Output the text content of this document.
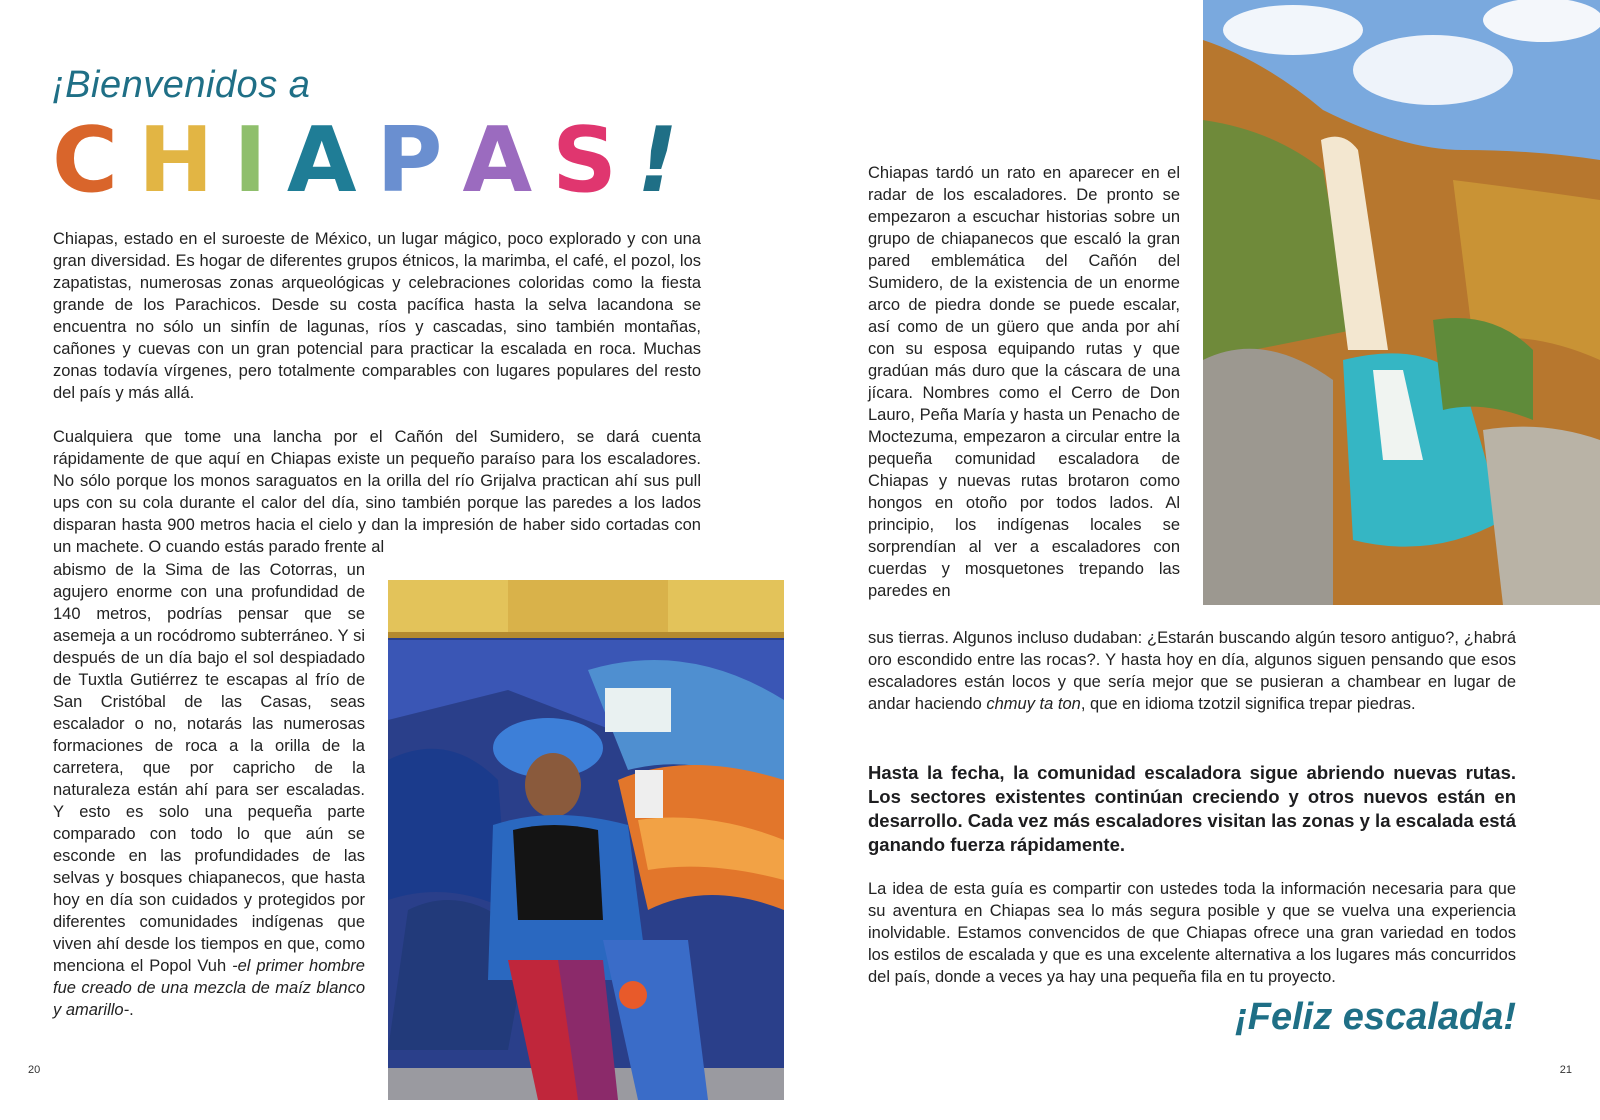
¡Bienvenidos a
CHIAPAS!

Chiapas, estado en el suroeste de México, un lugar mágico, poco explorado y con una gran diversidad. Es hogar de diferentes grupos étnicos, la marimba, el café, el pozol, los zapatistas, numerosas zonas arqueológicas y celebraciones coloridas como la fiesta grande de los Parachicos. Desde su costa pacífica hasta la selva lacandona se encuentra no sólo un sinfín de lagunas, ríos y cascadas, sino también montañas, cañones y cuevas con un gran potencial para practicar la escalada en roca. Muchas zonas todavía vírgenes, pero totalmente comparables con lugares populares del resto del país y más allá.

Cualquiera que tome una lancha por el Cañón del Sumidero, se dará cuenta rápidamente de que aquí en Chiapas existe un pequeño paraíso para los escaladores. No sólo porque los monos saraguatos en la orilla del río Grijalva practican ahí sus pull ups con su cola durante el calor del día, sino también porque las paredes a los lados disparan hasta 900 metros hacia el cielo y dan la impresión de haber sido cortadas con un machete. O cuando estás parado frente al

abismo de la Sima de las Cotorras, un agujero enorme con una profundidad de 140 metros, podrías pensar que se asemeja a un rocódromo subterráneo. Y si después de un día bajo el sol despiadado de Tuxtla Gutiérrez te escapas al frío de San Cristóbal de las Casas, seas escalador o no, notarás las numerosas formaciones de roca a la orilla de la carretera, que por capricho de la naturaleza están ahí para ser escaladas. Y esto es solo una pequeña parte comparado con todo lo que aún se esconde en las profundidades de las selvas y bosques chiapanecos, que hasta hoy en día son cuidados y protegidos por diferentes comunidades indígenas que viven ahí desde los tiempos en que, como menciona el Popol Vuh -el primer hombre fue creado de una mezcla de maíz blanco y amarillo-.

20

Chiapas tardó un rato en aparecer en el radar de los escaladores. De pronto se empezaron a escuchar historias sobre un grupo de chiapanecos que escaló la gran pared emblemática del Cañón del Sumidero, de la existencia de un enorme arco de piedra donde se puede escalar, así como de un güero que anda por ahí con su esposa equipando rutas y que gradúan más duro que la cáscara de una jícara. Nombres como el Cerro de Don Lauro, Peña María y hasta un Penacho de Moctezuma, empezaron a circular entre la pequeña comunidad escaladora de Chiapas y nuevas rutas brotaron como hongos en otoño por todos lados. Al principio, los indígenas locales se sorprendían al ver a escaladores con cuerdas y mosquetones trepando las paredes en

sus tierras. Algunos incluso dudaban: ¿Estarán buscando algún tesoro antiguo?, ¿habrá oro escondido entre las rocas?. Y hasta hoy en día, algunos siguen pensando que esos escaladores están locos y que sería mejor que se pusieran a chambear en lugar de andar haciendo chmuy ta ton, que en idioma tzotzil significa trepar piedras.

Hasta la fecha, la comunidad escaladora sigue abriendo nuevas rutas. Los sectores existentes continúan creciendo y otros nuevos están en desarrollo. Cada vez más escaladores visitan las zonas y la escalada está ganando fuerza rápidamente.

La idea de esta guía es compartir con ustedes toda la información necesaria para que su aventura en Chiapas sea lo más segura posible y que se vuelva una experiencia inolvidable. Estamos convencidos de que Chiapas ofrece una gran variedad en todos los estilos de escalada y que es una excelente alternativa a los lugares más concurridos del país, donde a veces ya hay una pequeña fila en tu proyecto.

¡Feliz escalada!
21
